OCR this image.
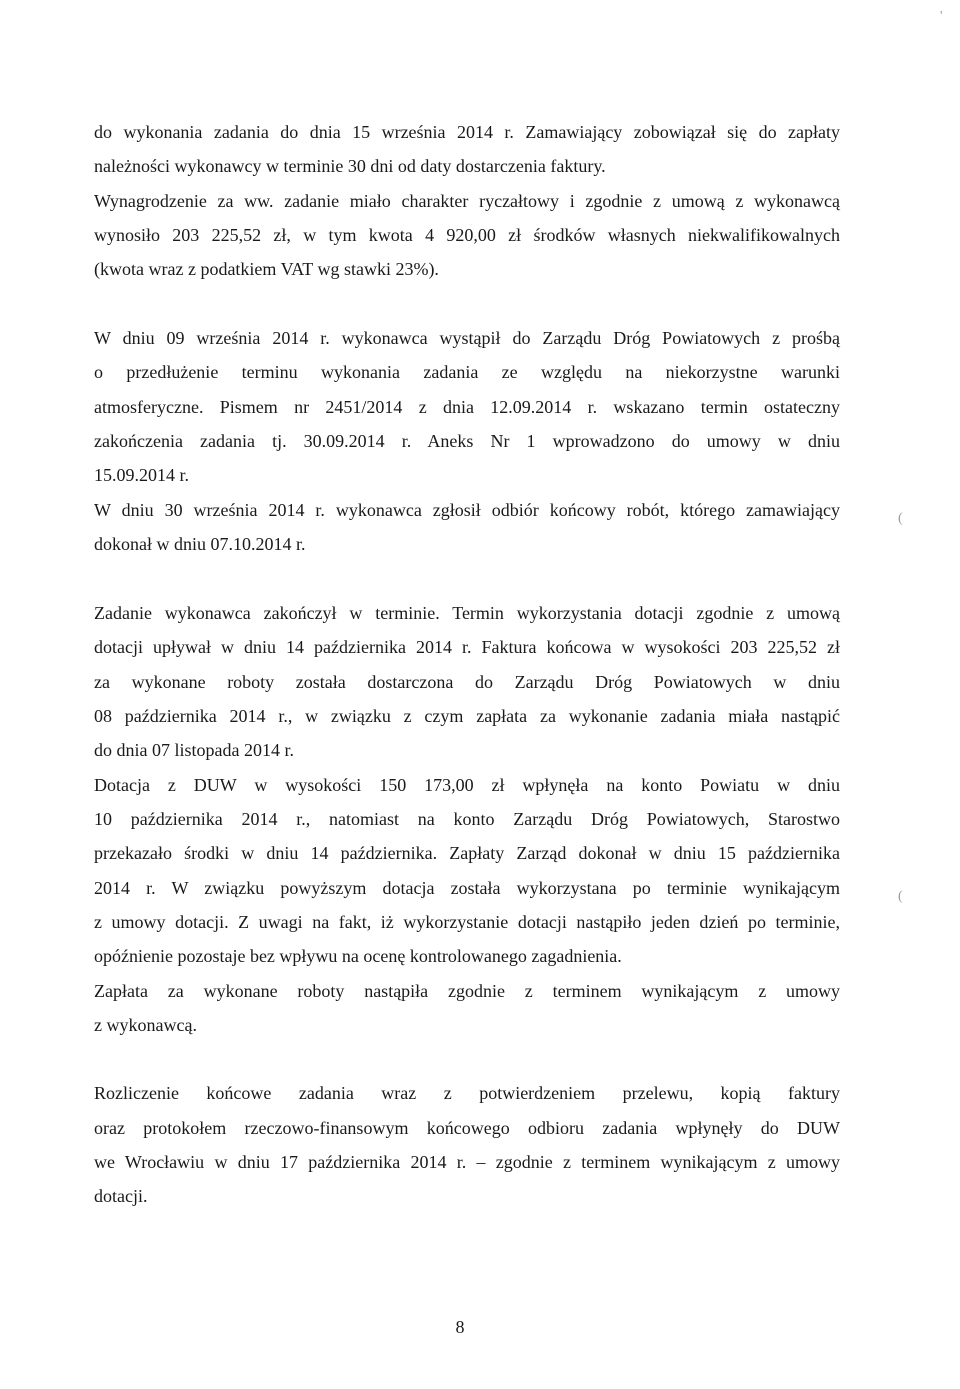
do wykonania zadania do dnia 15 września 2014 r. Zamawiający zobowiązał się do zapłaty
należności wykonawcy w terminie 30 dni od daty dostarczenia faktury.
Wynagrodzenie za ww. zadanie miało charakter ryczałtowy i zgodnie z umową z wykonawcą
wynosiło 203 225,52 zł, w tym kwota 4 920,00 zł środków własnych niekwalifikowalnych
(kwota wraz z podatkiem VAT wg stawki 23%).
W dniu 09 września 2014 r. wykonawca wystąpił do Zarządu Dróg Powiatowych z prośbą
o przedłużenie terminu wykonania zadania ze względu na niekorzystne warunki
atmosferyczne. Pismem nr 2451/2014 z dnia 12.09.2014 r. wskazano termin ostateczny
zakończenia zadania tj. 30.09.2014 r. Aneks Nr 1 wprowadzono do umowy w dniu
15.09.2014 r.
W dniu 30 września 2014 r. wykonawca zgłosił odbiór końcowy robót, którego zamawiający
dokonał w dniu 07.10.2014 r.
Zadanie wykonawca zakończył w terminie. Termin wykorzystania dotacji zgodnie z umową
dotacji upływał w dniu 14 października 2014 r. Faktura końcowa w wysokości 203 225,52 zł
za wykonane roboty została dostarczona do Zarządu Dróg Powiatowych w dniu
08 października 2014 r., w związku z czym zapłata za wykonanie zadania miała nastąpić
do dnia 07 listopada 2014 r.
Dotacja z DUW w wysokości 150 173,00 zł wpłynęła na konto Powiatu w dniu
10 października 2014 r., natomiast na konto Zarządu Dróg Powiatowych, Starostwo
przekazało środki w dniu 14 października. Zapłaty Zarząd dokonał w dniu 15 października
2014 r. W związku powyższym dotacja została wykorzystana po terminie wynikającym
z umowy dotacji. Z uwagi na fakt, iż wykorzystanie dotacji nastąpiło jeden dzień po terminie,
opóźnienie pozostaje bez wpływu na ocenę kontrolowanego zagadnienia.
Zapłata za wykonane roboty nastąpiła zgodnie z terminem wynikającym z umowy
z wykonawcą.
Rozliczenie końcowe zadania wraz z potwierdzeniem przelewu, kopią faktury
oraz protokołem rzeczowo-finansowym końcowego odbioru zadania wpłynęły do DUW
we Wrocławiu w dniu 17 października 2014 r. – zgodnie z terminem wynikającym z umowy
dotacji.
8
(
(
'
